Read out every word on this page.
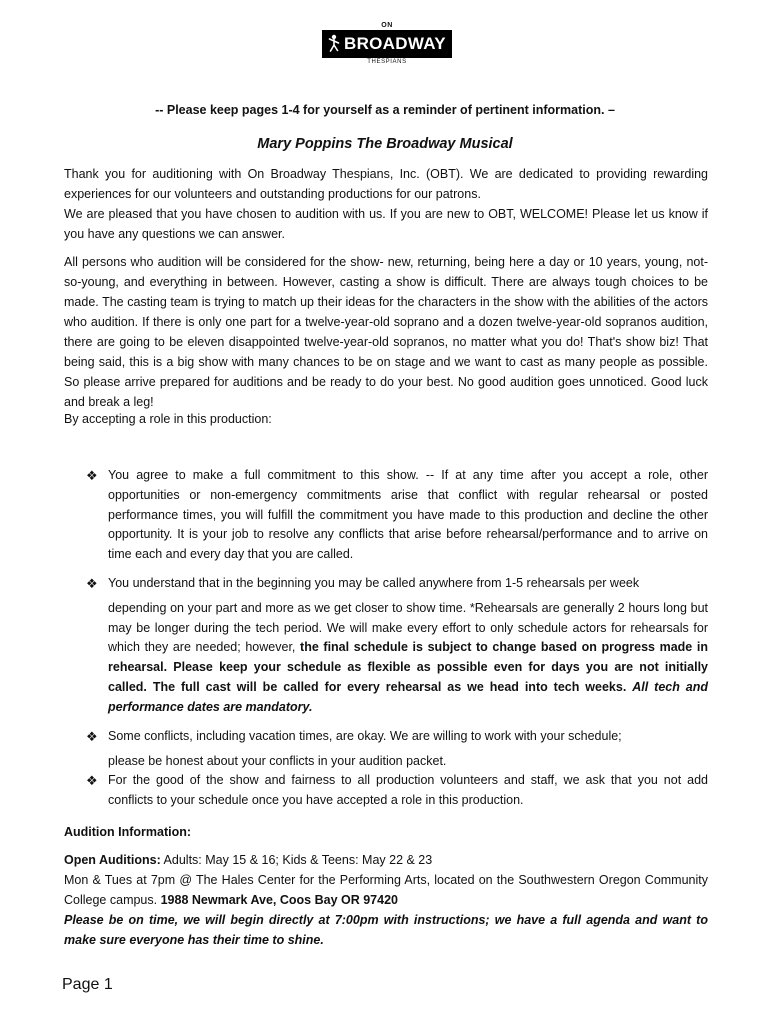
ON
BROADWAY
THESPIANS
-- Please keep pages 1-4 for yourself as a reminder of pertinent information. –
Mary Poppins The Broadway Musical
Thank you for auditioning with On Broadway Thespians, Inc. (OBT). We are dedicated to providing rewarding experiences for our volunteers and outstanding productions for our patrons.
We are pleased that you have chosen to audition with us. If you are new to OBT, WELCOME! Please let us know if you have any questions we can answer.
All persons who audition will be considered for the show- new, returning, being here a day or 10 years, young, not-so-young, and everything in between. However, casting a show is difficult. There are always tough choices to be made. The casting team is trying to match up their ideas for the characters in the show with the abilities of the actors who audition. If there is only one part for a twelve-year-old soprano and a dozen twelve-year-old sopranos audition, there are going to be eleven disappointed twelve-year-old sopranos, no matter what you do! That's show biz! That being said, this is a big show with many chances to be on stage and we want to cast as many people as possible. So please arrive prepared for auditions and be ready to do your best. No good audition goes unnoticed. Good luck and break a leg!
By accepting a role in this production:
❖ You agree to make a full commitment to this show. -- If at any time after you accept a role, other opportunities or non-emergency commitments arise that conflict with regular rehearsal or posted performance times, you will fulfill the commitment you have made to this production and decline the other opportunity. It is your job to resolve any conflicts that arise before rehearsal/performance and to arrive on time each and every day that you are called.
❖ You understand that in the beginning you may be called anywhere from 1-5 rehearsals per week
depending on your part and more as we get closer to show time. *Rehearsals are generally 2 hours long but may be longer during the tech period. We will make every effort to only schedule actors for rehearsals for which they are needed; however, the final schedule is subject to change based on progress made in rehearsal. Please keep your schedule as flexible as possible even for days you are not initially called. The full cast will be called for every rehearsal as we head into tech weeks. All tech and performance dates are mandatory.
❖ Some conflicts, including vacation times, are okay. We are willing to work with your schedule;
please be honest about your conflicts in your audition packet.
❖ For the good of the show and fairness to all production volunteers and staff, we ask that you not add conflicts to your schedule once you have accepted a role in this production.
Audition Information:
Open Auditions: Adults: May 15 & 16; Kids & Teens: May 22 & 23
Mon & Tues at 7pm @ The Hales Center for the Performing Arts, located on the Southwestern Oregon Community College campus. 1988 Newmark Ave, Coos Bay OR 97420
Please be on time, we will begin directly at 7:00pm with instructions; we have a full agenda and want to make sure everyone has their time to shine.
Page 1
